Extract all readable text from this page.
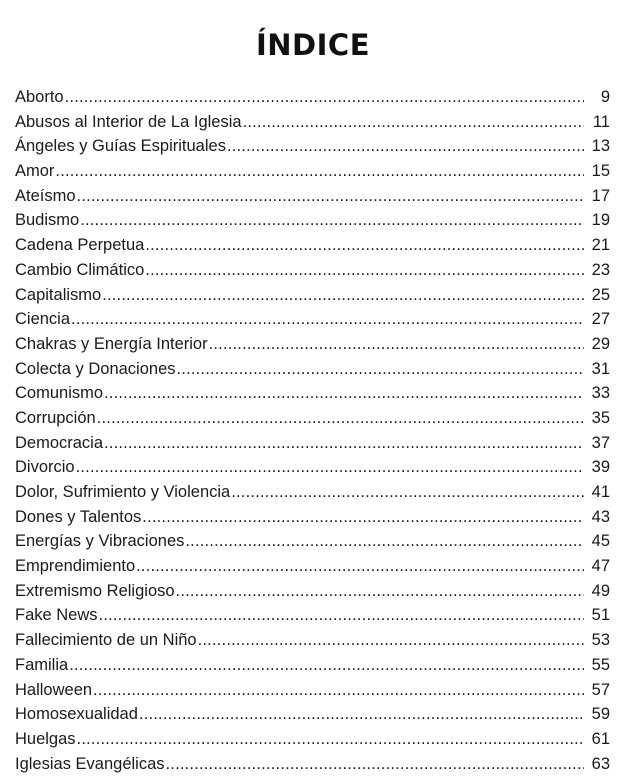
ÍNDICE
Aborto .....	9
Abusos al Interior de La Iglesia .....	11
Ángeles y Guías Espirituales .....	13
Amor .....	15
Ateísmo .....	17
Budismo .....	19
Cadena Perpetua .....	21
Cambio Climático .....	23
Capitalismo .....	25
Ciencia .....	27
Chakras y Energía Interior .....	29
Colecta y Donaciones .....	31
Comunismo .....	33
Corrupción .....	35
Democracia .....	37
Divorcio .....	39
Dolor, Sufrimiento y Violencia .....	41
Dones y Talentos .....	43
Energías y Vibraciones .....	45
Emprendimiento .....	47
Extremismo Religioso .....	49
Fake News .....	51
Fallecimiento de un Niño .....	53
Familia .....	55
Halloween .....	57
Homosexualidad .....	59
Huelgas .....	61
Iglesias Evangélicas .....	63
